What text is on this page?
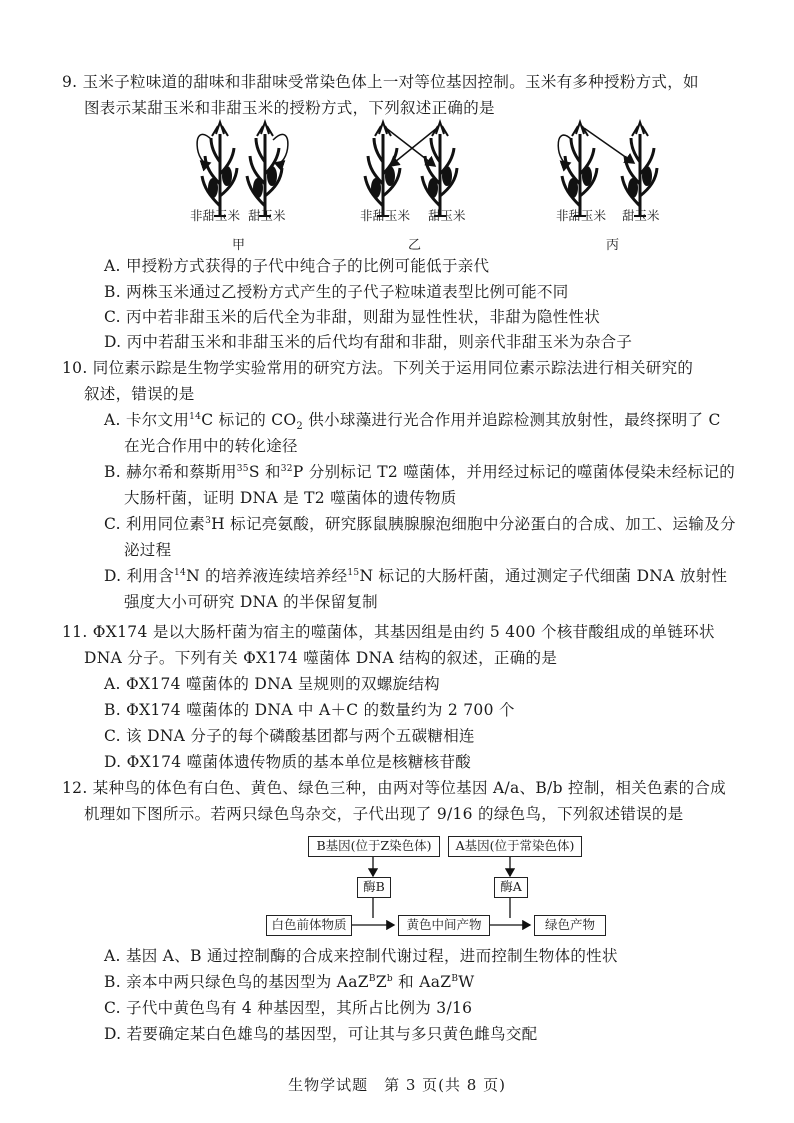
9. 玉米子粒味道的甜味和非甜味受常染色体上一对等位基因控制。玉米有多种授粉方式，如
图表示某甜玉米和非甜玉米的授粉方式，下列叙述正确的是
非甜玉米 甜玉米
甲
非甜玉米 甜玉米
乙
非甜玉米 甜玉米
丙
A. 甲授粉方式获得的子代中纯合子的比例可能低于亲代
B. 两株玉米通过乙授粉方式产生的子代子粒味道表型比例可能不同
C. 丙中若非甜玉米的后代全为非甜，则甜为显性性状，非甜为隐性性状
D. 丙中若甜玉米和非甜玉米的后代均有甜和非甜，则亲代非甜玉米为杂合子
10. 同位素示踪是生物学实验常用的研究方法。下列关于运用同位素示踪法进行相关研究的
叙述，错误的是
A. 卡尔文用$^{14}$C 标记的 $CO_2$ 供小球藻进行光合作用并追踪检测其放射性，最终探明了 C
在光合作用中的转化途径
B. 赫尔希和蔡斯用$^{35}$S 和$^{32}$P 分别标记 T2 噬菌体，并用经过标记的噬菌体侵染未经标记的
大肠杆菌，证明 DNA 是 T2 噬菌体的遗传物质
C. 利用同位素$^3$H 标记亮氨酸，研究豚鼠胰腺腺泡细胞中分泌蛋白的合成、加工、运输及分
泌过程
D. 利用含$^{14}$N 的培养液连续培养经$^{15}$N 标记的大肠杆菌，通过测定子代细菌 DNA 放射性
强度大小可研究 DNA 的半保留复制
11. ΦX174 是以大肠杆菌为宿主的噬菌体，其基因组是由约 5 400 个核苷酸组成的单链环状
DNA 分子。下列有关 ΦX174 噬菌体 DNA 结构的叙述，正确的是
A. ΦX174 噬菌体的 DNA 呈规则的双螺旋结构
B. ΦX174 噬菌体的 DNA 中 A＋C 的数量约为 2 700 个
C. 该 DNA 分子的每个磷酸基团都与两个五碳糖相连
D. ΦX174 噬菌体遗传物质的基本单位是核糖核苷酸
12. 某种鸟的体色有白色、黄色、绿色三种，由两对等位基因 A/a、B/b 控制，相关色素的合成
机理如下图所示。若两只绿色鸟杂交，子代出现了 9/16 的绿色鸟，下列叙述错误的是
B基因(位于Z染色体)	A基因(位于常染色体)
酶B	酶A
白色前体物质	黄色中间产物	绿色产物
A. 基因 A、B 通过控制酶的合成来控制代谢过程，进而控制生物体的性状
B. 亲本中两只绿色鸟的基因型为 $AaZ^BZ^b$ 和 AaZ$^B$W
C. 子代中黄色鸟有 4 种基因型，其所占比例为 3/16
D. 若要确定某白色雄鸟的基因型，可让其与多只黄色雌鸟交配
生物学试题　第 3 页(共 8 页)
